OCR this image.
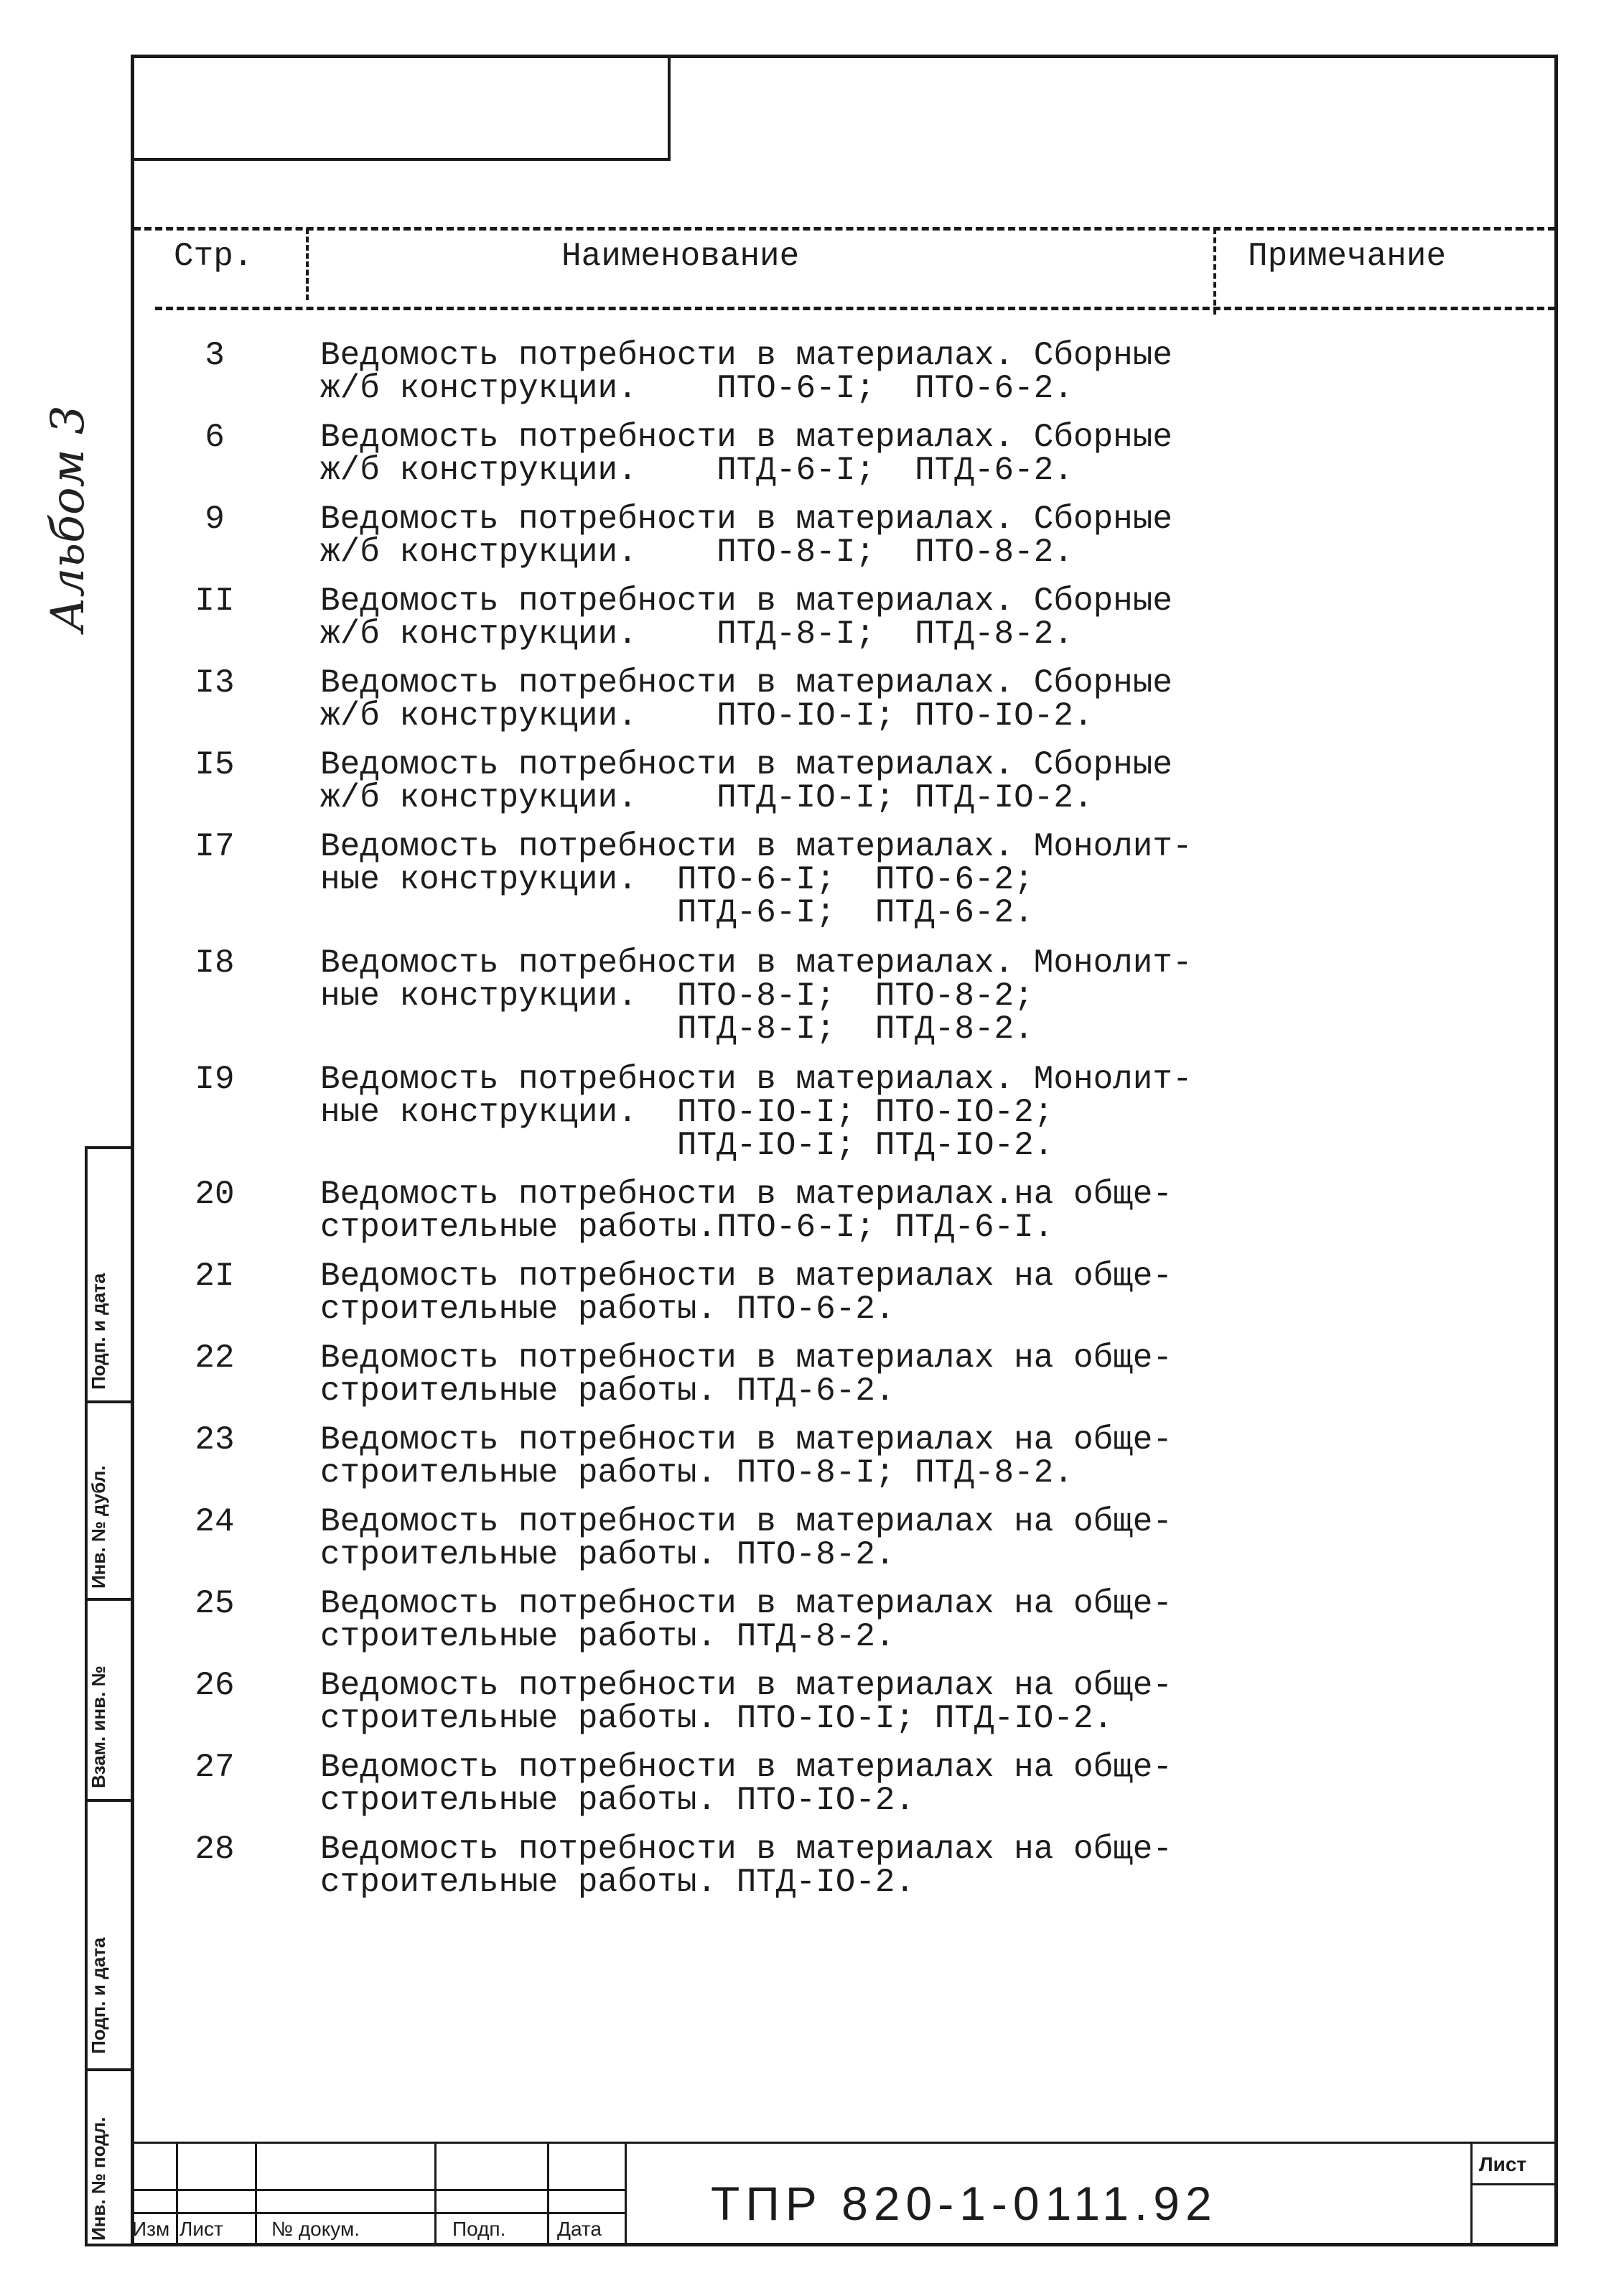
Альбом 3
Подп. и дата
Инв. № дубл.
Взам. инв. №
Подп. и дата
Инв. № подл.
Стр.	Наименование	Примечание
3	Ведомость потребности в материалах. Сборные
ж/б конструкции.    ПТО-6-I;  ПТО-6-2.
6	Ведомость потребности в материалах. Сборные
ж/б конструкции.    ПТД-6-I;  ПТД-6-2.
9	Ведомость потребности в материалах. Сборные
ж/б конструкции.    ПТО-8-I;  ПТО-8-2.
II	Ведомость потребности в материалах. Сборные
ж/б конструкции.    ПТД-8-I;  ПТД-8-2.
I3	Ведомость потребности в материалах. Сборные
ж/б конструкции.    ПТО-IO-I; ПТО-IO-2.
I5	Ведомость потребности в материалах. Сборные
ж/б конструкции.    ПТД-IO-I; ПТД-IO-2.
I7	Ведомость потребности в материалах. Монолит-
ные конструкции.  ПТО-6-I;  ПТО-6-2;
ПТД-6-I;  ПТД-6-2.
I8	Ведомость потребности в материалах. Монолит-
ные конструкции.  ПТО-8-I;  ПТО-8-2;
ПТД-8-I;  ПТД-8-2.
I9	Ведомость потребности в материалах. Монолит-
ные конструкции.  ПТО-IO-I; ПТО-IO-2;
ПТД-IO-I; ПТД-IO-2.
20	Ведомость потребности в материалах.на обще-
строительные работы.ПТО-6-I; ПТД-6-I.
2I	Ведомость потребности в материалах на обще-
строительные работы. ПТО-6-2.
22	Ведомость потребности в материалах на обще-
строительные работы. ПТД-6-2.
23	Ведомость потребности в материалах на обще-
строительные работы. ПТО-8-I; ПТД-8-2.
24	Ведомость потребности в материалах на обще-
строительные работы. ПТО-8-2.
25	Ведомость потребности в материалах на обще-
строительные работы. ПТД-8-2.
26	Ведомость потребности в материалах на обще-
строительные работы. ПТО-IO-I; ПТД-IO-2.
27	Ведомость потребности в материалах на обще-
строительные работы. ПТО-IO-2.
28	Ведомость потребности в материалах на обще-
строительные работы. ПТД-IO-2.
Изм Лист № докум.	Подп.	Дата
Лист
ТПР 820-1-0111.92
